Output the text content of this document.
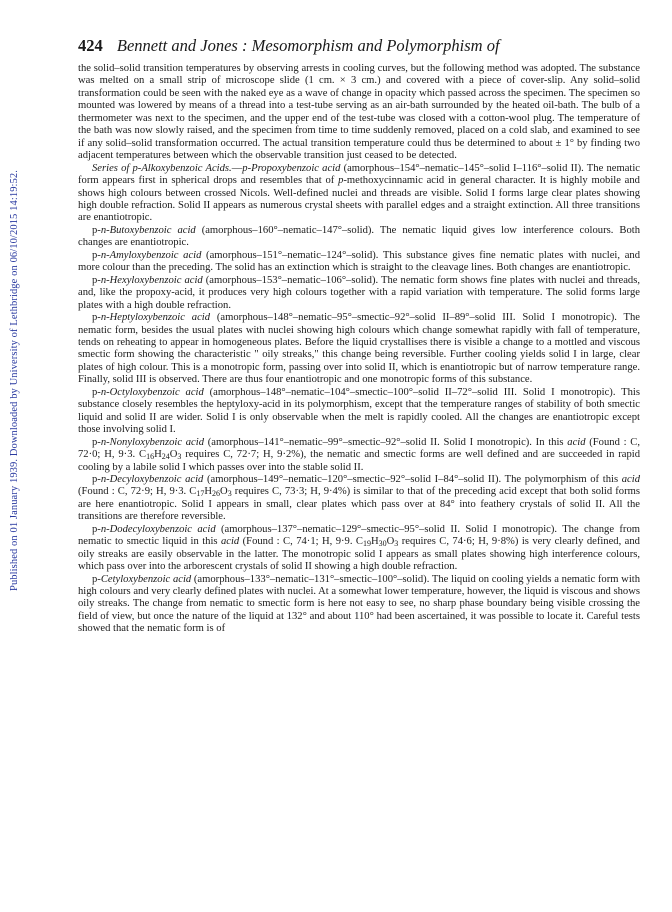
424 Bennett and Jones : Mesomorphism and Polymorphism of
Published on 01 January 1939. Downloaded by University of Lethbridge on 06/10/2015 14:19:52.

the solid–solid transition temperatures by observing arrests in cooling curves, but the following method was adopted. The substance was melted on a small strip of microscope slide (1 cm. × 3 cm.) and covered with a piece of cover-slip. Any solid–solid transformation could be seen with the naked eye as a wave of change in opacity which passed across the specimen. The specimen so mounted was lowered by means of a thread into a test-tube serving as an air-bath surrounded by the heated oil-bath. The bulb of a thermometer was next to the specimen, and the upper end of the test-tube was closed with a cotton-wool plug. The temperature of the bath was now slowly raised, and the specimen from time to time suddenly removed, placed on a cold slab, and examined to see if any solid–solid transformation occurred. The actual transition temperature could thus be determined to about ± 1° by finding two adjacent temperatures between which the observable transition just ceased to be detected.

Series of p-Alkoxybenzoic Acids.—p-Propoxybenzoic acid (amorphous–154°–nematic–145°–solid I–116°–solid II). The nematic form appears first in spherical drops and resembles that of p-methoxycinnamic acid in general character. It is highly mobile and shows high colours between crossed Nicols. Well-defined nuclei and threads are visible. Solid I forms large clear plates showing high double refraction. Solid II appears as numerous crystal sheets with parallel edges and a straight extinction. All three transitions are enantiotropic.

p-n-Butoxybenzoic acid (amorphous–160°–nematic–147°–solid). The nematic liquid gives low interference colours. Both changes are enantiotropic.

p-n-Amyloxybenzoic acid (amorphous–151°–nematic–124°–solid). This substance gives fine nematic plates with nuclei, and more colour than the preceding. The solid has an extinction which is straight to the cleavage lines. Both changes are enantiotropic.

p-n-Hexyloxybenzoic acid (amorphous–153°–nematic–106°–solid). The nematic form shows fine plates with nuclei and threads, and, like the propoxy-acid, it produces very high colours together with a rapid variation with temperature. The solid forms large plates with a high double refraction.

p-n-Heptyloxybenzoic acid (amorphous–148°–nematic–95°–smectic–92°–solid II–89°–solid III. Solid I monotropic). The nematic form, besides the usual plates with nuclei showing high colours which change somewhat rapidly with fall of temperature, tends on reheating to appear in homogeneous plates. Before the liquid crystallises there is visible a change to a mottled and viscous smectic form showing the characteristic " oily streaks," this change being reversible. Further cooling yields solid I in large, clear plates of high colour. This is a monotropic form, passing over into solid II, which is enantiotropic but of narrow temperature range. Finally, solid III is observed. There are thus four enantiotropic and one monotropic forms of this substance.

p-n-Octyloxybenzoic acid (amorphous–148°–nematic–104°–smectic–100°–solid II–72°–solid III. Solid I monotropic). This substance closely resembles the heptyloxy-acid in its polymorphism, except that the temperature ranges of stability of both smectic liquid and solid II are wider. Solid I is only observable when the melt is rapidly cooled. All the changes are enantiotropic except those involving solid I.

p-n-Nonyloxybenzoic acid (amorphous–141°–nematic–99°–smectic–92°–solid II. Solid I monotropic). In this acid (Found : C, 72·0; H, 9·3. $C_{16}H_{24}O_3$ requires C, 72·7; H, 9·2%), the nematic and smectic forms are well defined and are succeeded in rapid cooling by a labile solid I which passes over into the stable solid II.

p-n-Decyloxybenzoic acid (amorphous–149°–nematic–120°–smectic–92°–solid I–84°–solid II). The polymorphism of this acid (Found : C, 72·9; H, 9·3. $C_{17}H_{26}O_3$ requires C, 73·3; H, 9·4%) is similar to that of the preceding acid except that both solid forms are here enantiotropic. Solid I appears in small, clear plates which pass over at 84° into feathery crystals of solid II. All the transitions are therefore reversible.

p-n-Dodecyloxybenzoic acid (amorphous–137°–nematic–129°–smectic–95°–solid II. Solid I monotropic). The change from nematic to smectic liquid in this acid (Found : C, 74·1; H, 9·9. $C_{19}H_{30}O_3$ requires C, 74·6; H, 9·8%) is very clearly defined, and oily streaks are easily observable in the latter. The monotropic solid I appears as small plates showing high interference colours, which pass over into the arborescent crystals of solid II showing a high double refraction.

p-Cetyloxybenzoic acid (amorphous–133°–nematic–131°–smectic–100°–solid). The liquid on cooling yields a nematic form with high colours and very clearly defined plates with nuclei. At a somewhat lower temperature, however, the liquid is viscous and shows oily streaks. The change from nematic to smectic form is here not easy to see, no sharp phase boundary being visible crossing the field of view, but once the nature of the liquid at 132° and about 110° had been ascertained, it was possible to locate it. Careful tests showed that the nematic form is of
